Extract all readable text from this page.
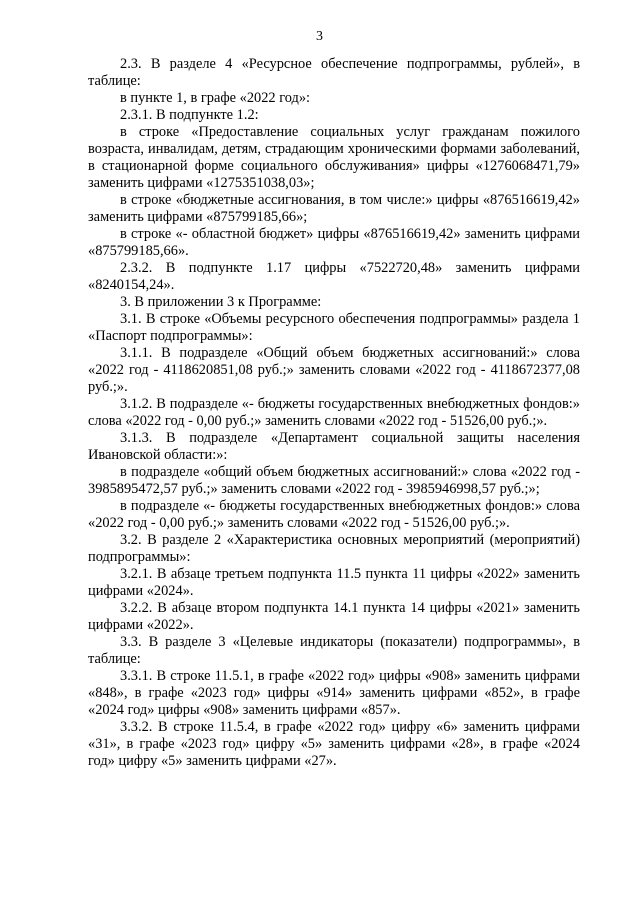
3

2.3. В разделе 4 «Ресурсное обеспечение подпрограммы, рублей», в таблице:

в пункте 1, в графе «2022 год»:

2.3.1. В подпункте 1.2:

в строке «Предоставление социальных услуг гражданам пожилого возраста, инвалидам, детям, страдающим хроническими формами заболеваний, в стационарной форме социального обслуживания» цифры «1276068471,79» заменить цифрами «1275351038,03»;

в строке «бюджетные ассигнования, в том числе:» цифры «876516619,42» заменить цифрами «875799185,66»;

в строке «- областной бюджет» цифры «876516619,42» заменить цифрами «875799185,66».

2.3.2. В подпункте 1.17 цифры «7522720,48» заменить цифрами «8240154,24».

3. В приложении 3 к Программе:

3.1. В строке «Объемы ресурсного обеспечения подпрограммы» раздела 1 «Паспорт подпрограммы»:

3.1.1. В подразделе «Общий объем бюджетных ассигнований:» слова «2022 год - 4118620851,08 руб.;» заменить словами «2022 год - 4118672377,08 руб.;».

3.1.2. В подразделе «- бюджеты государственных внебюджетных фондов:» слова «2022 год - 0,00 руб.;» заменить словами «2022 год - 51526,00 руб.;».

3.1.3. В подразделе «Департамент социальной защиты населения Ивановской области:»:

в подразделе «общий объем бюджетных ассигнований:» слова «2022 год - 3985895472,57 руб.;» заменить словами «2022 год - 3985946998,57 руб.;»;

в подразделе «- бюджеты государственных внебюджетных фондов:» слова «2022 год - 0,00 руб.;» заменить словами «2022 год - 51526,00 руб.;».

3.2. В разделе 2 «Характеристика основных мероприятий (мероприятий) подпрограммы»:

3.2.1. В абзаце третьем подпункта 11.5 пункта 11 цифры «2022» заменить цифрами «2024».

3.2.2. В абзаце втором подпункта 14.1 пункта 14 цифры «2021» заменить цифрами «2022».

3.3. В разделе 3 «Целевые индикаторы (показатели) подпрограммы», в таблице:

3.3.1. В строке 11.5.1, в графе «2022 год» цифры «908» заменить цифрами «848», в графе «2023 год» цифры «914» заменить цифрами «852», в графе «2024 год» цифры «908» заменить цифрами «857».

3.3.2. В строке 11.5.4, в графе «2022 год» цифру «6» заменить цифрами «31», в графе «2023 год» цифру «5» заменить цифрами «28», в графе «2024 год» цифру «5» заменить цифрами «27».
